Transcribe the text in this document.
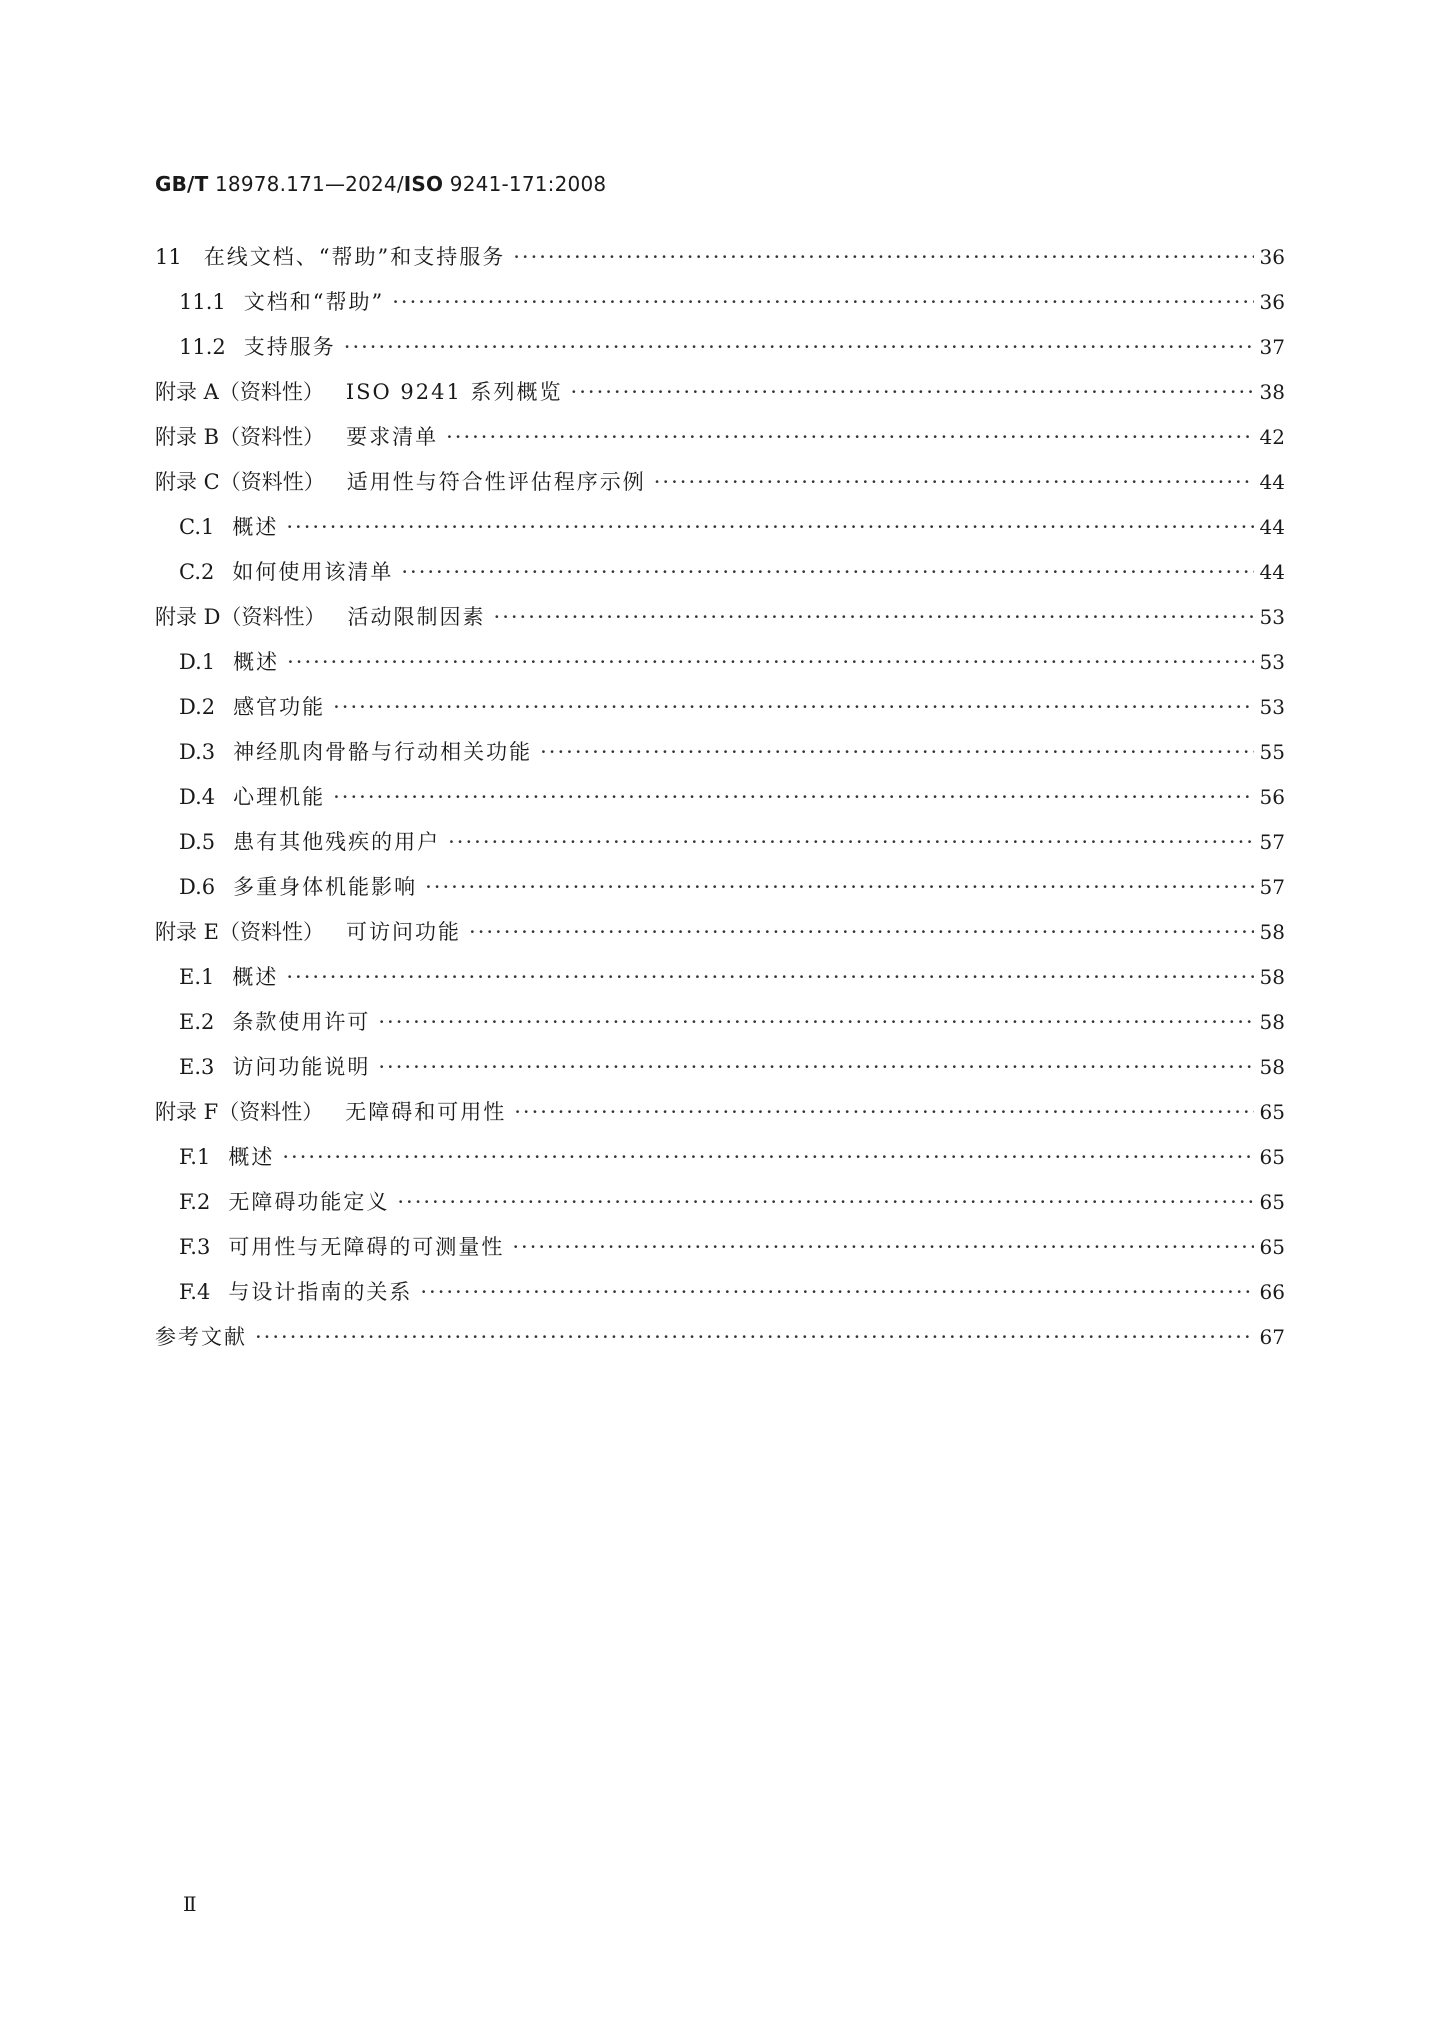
GB/T 18978.171—2024/ISO 9241-171:2008
11 在线文档、“帮助”和支持服务 ·····	36
11.1 文档和“帮助” ·····	36
11.2 支持服务 ·····	37
附录 A（资料性） ISO 9241 系列概览 ·····	38
附录 B（资料性） 要求清单 ·····	42
附录 C（资料性） 适用性与符合性评估程序示例 ·····	44
C.1 概述 ·····	44
C.2 如何使用该清单 ·····	44
附录 D（资料性） 活动限制因素 ·····	53
D.1 概述 ·····	53
D.2 感官功能 ·····	53
D.3 神经肌肉骨骼与行动相关功能 ·····	55
D.4 心理机能 ·····	56
D.5 患有其他残疾的用户 ·····	57
D.6 多重身体机能影响 ·····	57
附录 E（资料性） 可访问功能 ·····	58
E.1 概述 ·····	58
E.2 条款使用许可 ·····	58
E.3 访问功能说明 ·····	58
附录 F（资料性） 无障碍和可用性 ·····	65
F.1 概述 ·····	65
F.2 无障碍功能定义 ·····	65
F.3 可用性与无障碍的可测量性 ·····	65
F.4 与设计指南的关系 ·····	66
参考文献 ·····	67
Ⅱ
